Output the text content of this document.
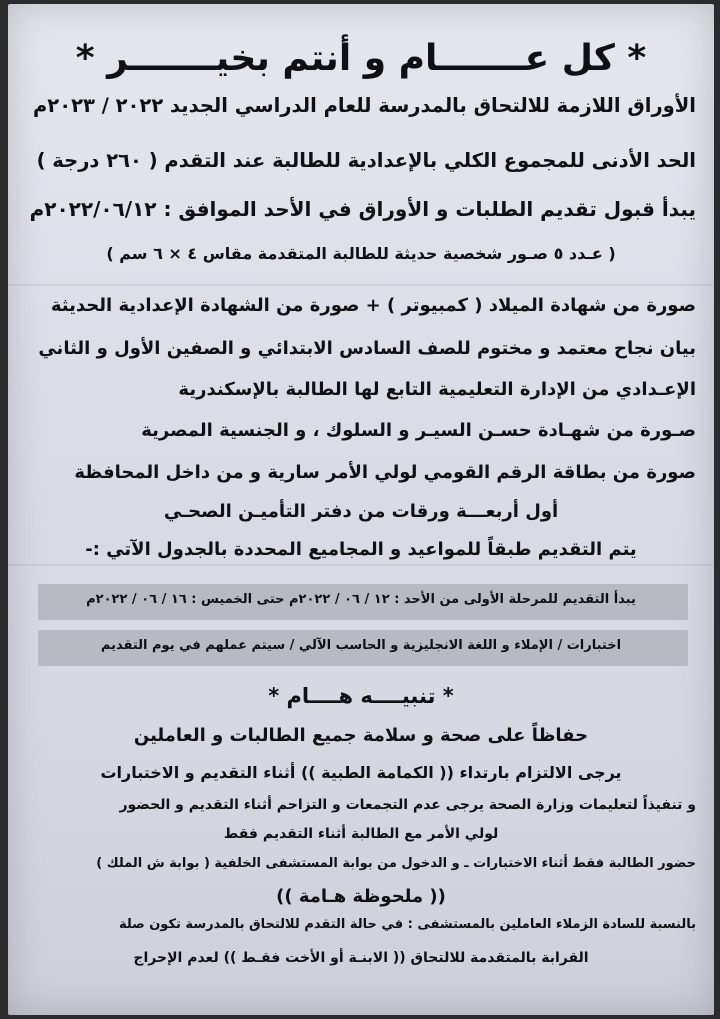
* كل عـــــــام و أنتم بخيـــــــر *
الأوراق اللازمة للالتحاق بالمدرسة للعام الدراسي الجديد ٢٠٢٢ / ٢٠٢٣م
الحد الأدنى للمجموع الكلي بالإعدادية للطالبة عند التقدم ( ٢٦٠ درجة )
يبدأ قبول تقديم الطلبات و الأوراق في الأحد الموافق : ٢٠٢٢/٠٦/١٢م
( عـدد ٥ صـور شخصية حديثة للطالبة المتقدمة مقاس ٤ × ٦ سم )
صورة من شهادة الميلاد ( كمبيوتر ) + صورة من الشهادة الإعدادية الحديثة
بيان نجاح معتمد و مختوم للصف السادس الابتدائي و الصفين الأول و الثاني
الإعـدادي من الإدارة التعليمية التابع لها الطالبة بالإسكندرية
صـورة من شهـادة حسـن السيـر و السلوك ، و الجنسية المصرية
صورة من بطاقة الرقم القومي لولي الأمر سارية و من داخل المحافظة
أول أربعـــة ورقات من دفتر التأميـن الصحـي
يتم التقديم طبقاً للمواعيد و المجاميع المحددة بالجدول الآتي :-
يبدأ التقديم للمرحلة الأولى من الأحد : ١٢ / ٠٦ / ٢٠٢٢م حتى الخميس : ١٦ / ٠٦ / ٢٠٢٢م
اختبارات / الإملاء و اللغة الانجليزية و الحاسب الآلي / سيتم عملهم في يوم التقديم
* تنبيــــه هــــام *
حفاظاً على صحة و سلامة جميع الطالبات و العاملين
يرجى الالتزام بارتداء (( الكمامة الطبية )) أثناء التقديم و الاختبارات
و تنفيذاً لتعليمات وزارة الصحة يرجى عدم التجمعات و التزاحم أثناء التقديم و الحضور
لولي الأمر مع الطالبة أثناء التقديم فقط
حضور الطالبة فقط أثناء الاختبارات ـ و الدخول من بوابة المستشفى الخلفية ( بوابة ش الملك )
(( ملحوظة هـامة ))
بالنسبة للسادة الزملاء العاملين بالمستشفى : في حالة التقدم للالتحاق بالمدرسة تكون صلة
القرابة بالمتقدمة للالتحاق (( الابنـة أو الأخت فقـط )) لعدم الإحراج
